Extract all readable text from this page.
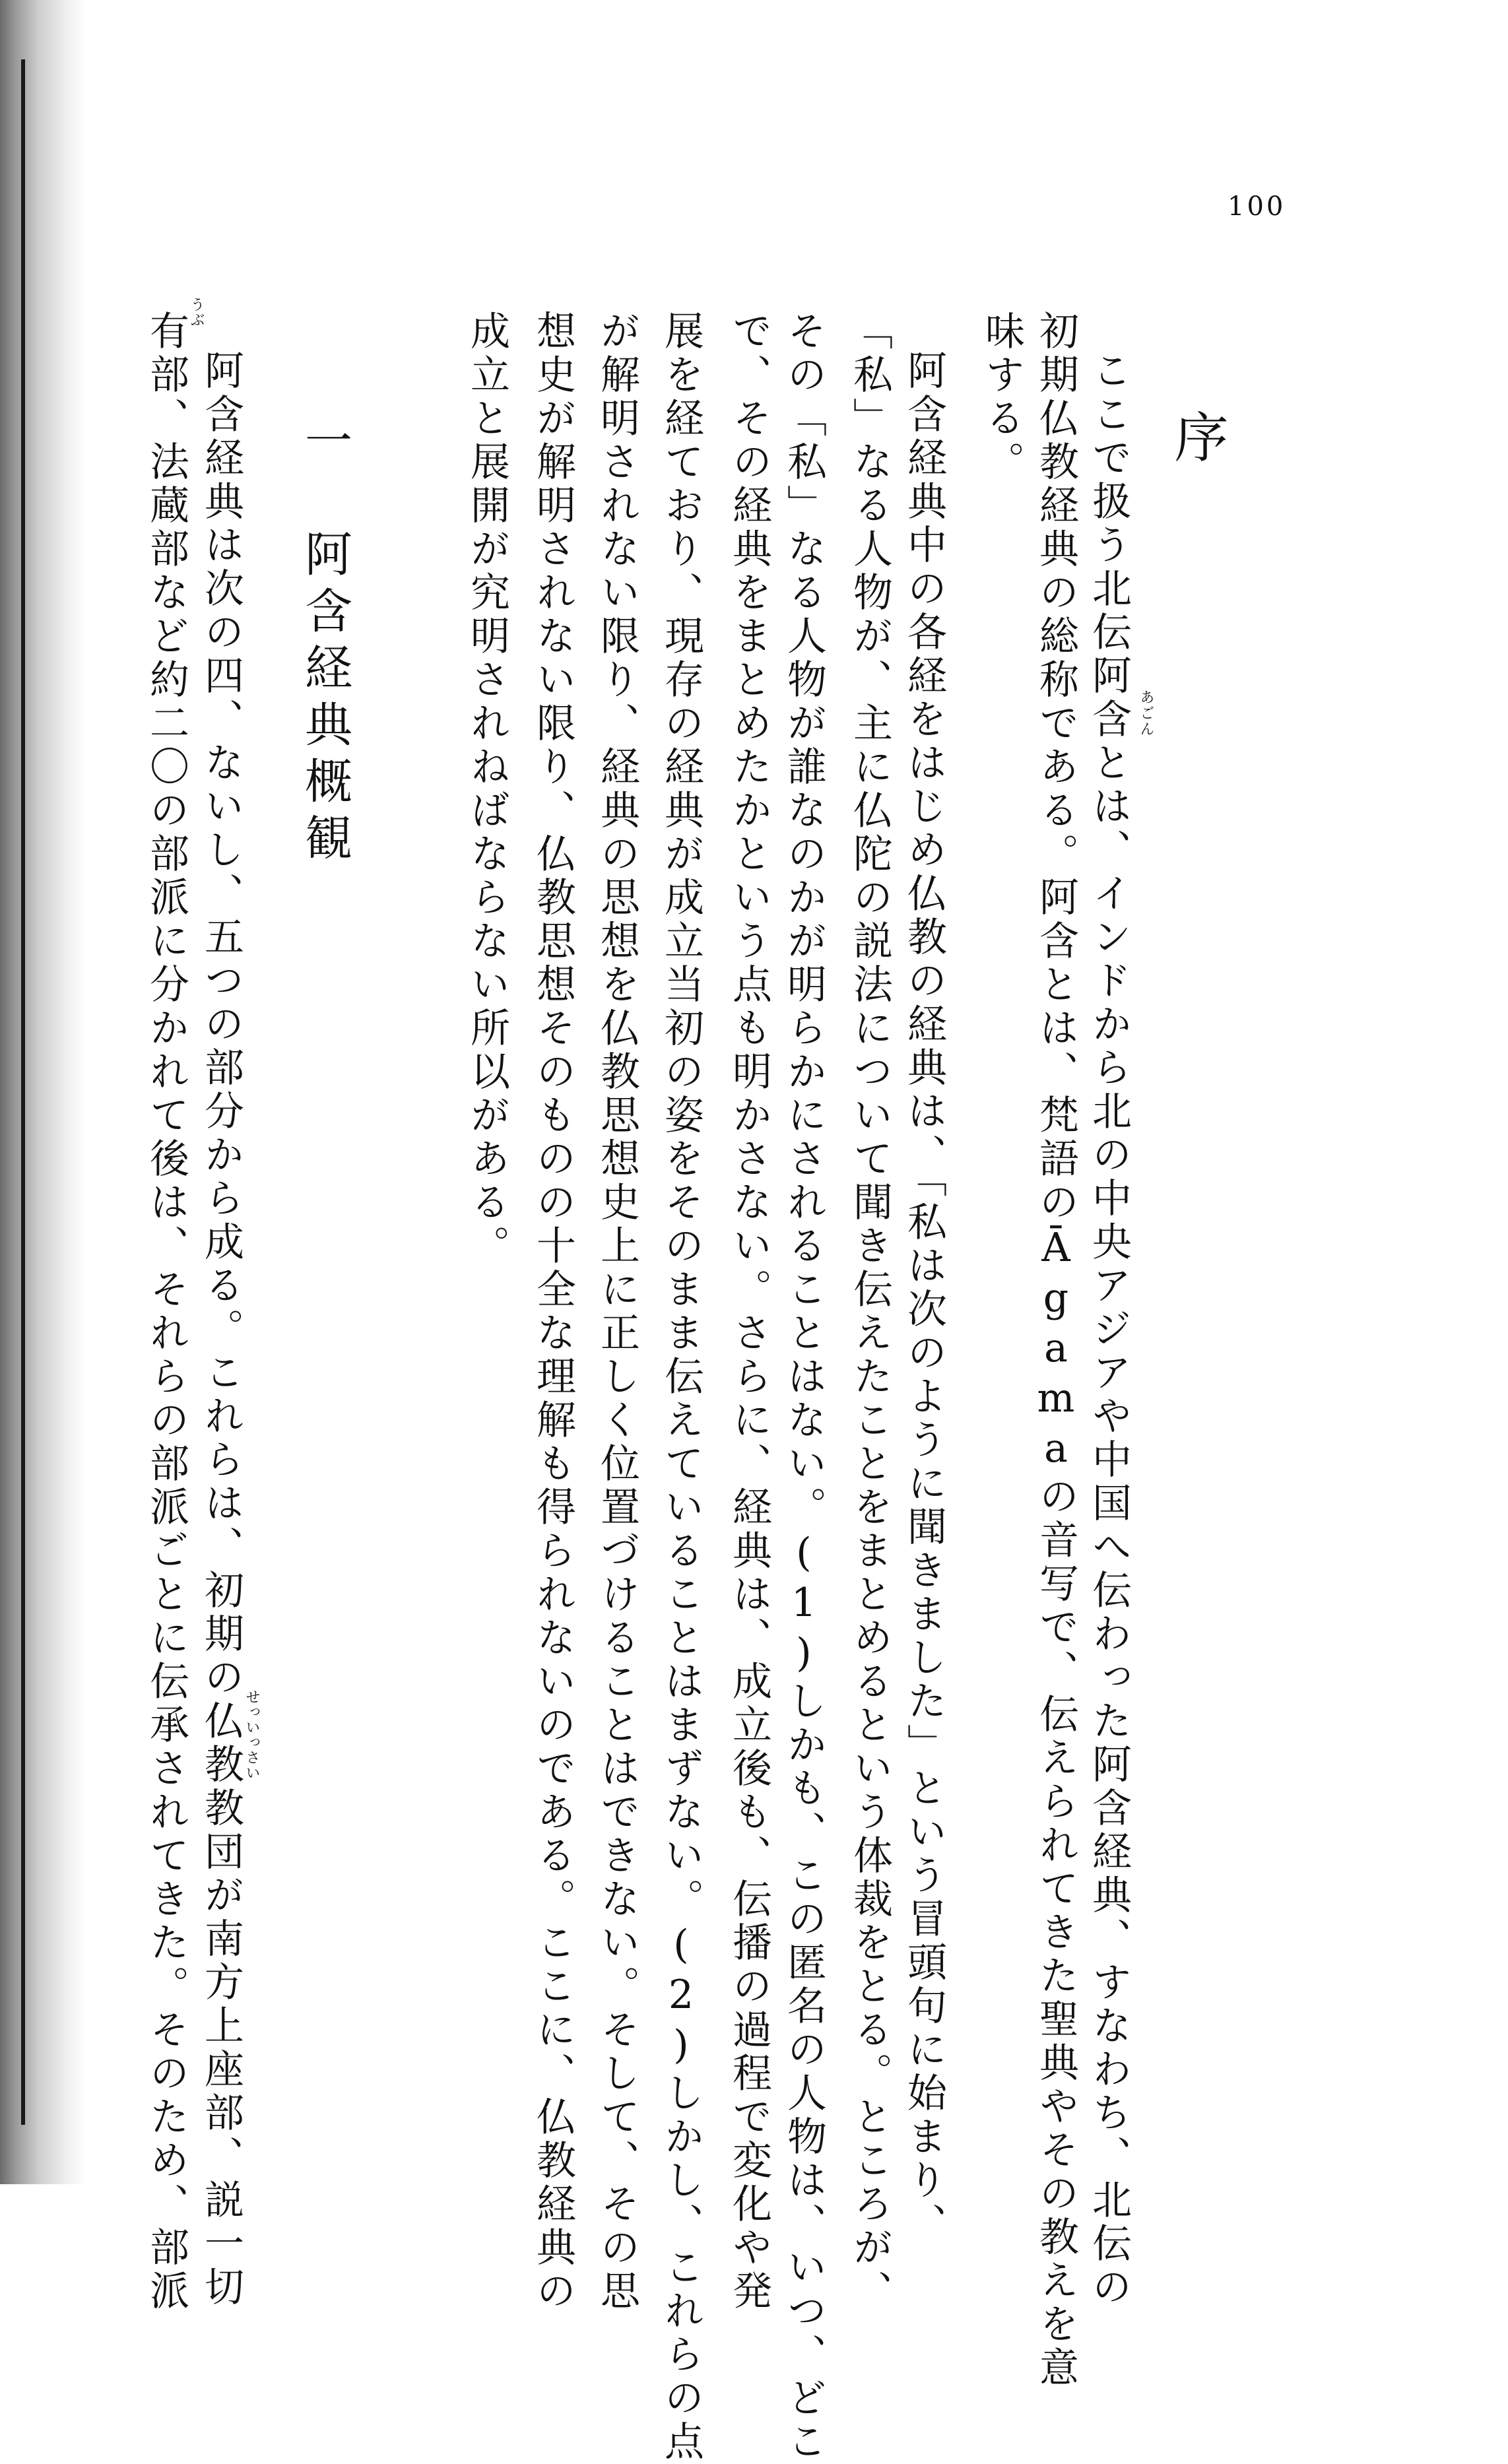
100
序
ここで扱う北伝阿含とは、インドから北の中央アジアや中国へ伝わった阿含経典、すなわち、北伝の
初期仏教経典の総称である。阿含とは、梵語のĀgamaの音写で、伝えられてきた聖典やその教えを意
味する。
阿含経典中の各経をはじめ仏教の経典は、「私は次のように聞きました」という冒頭句に始まり、
「私」なる人物が、主に仏陀の説法について聞き伝えたことをまとめるという体裁をとる。ところが、
その「私」なる人物が誰なのかが明らかにされることはない。(1)しかも、この匿名の人物は、いつ、どこ
で、その経典をまとめたかという点も明かさない。さらに、経典は、成立後も、伝播の過程で変化や発
展を経ており、現存の経典が成立当初の姿をそのまま伝えていることはまずない。(2)しかし、これらの点
が解明されない限り、経典の思想を仏教思想史上に正しく位置づけることはできない。そして、その思
想史が解明されない限り、仏教思想そのものの十全な理解も得られないのである。ここに、仏教経典の
成立と展開が究明されねばならない所以がある。	あごん
一　阿含経典概観
阿含経典は次の四、ないし、五つの部分から成る。これらは、初期の仏教教団が南方上座部、説一切
有部、法蔵部など約二〇の部派に分かれて後は、それらの部派ごとに伝承されてきた。そのため、部派	せっいっさい
うぶ
